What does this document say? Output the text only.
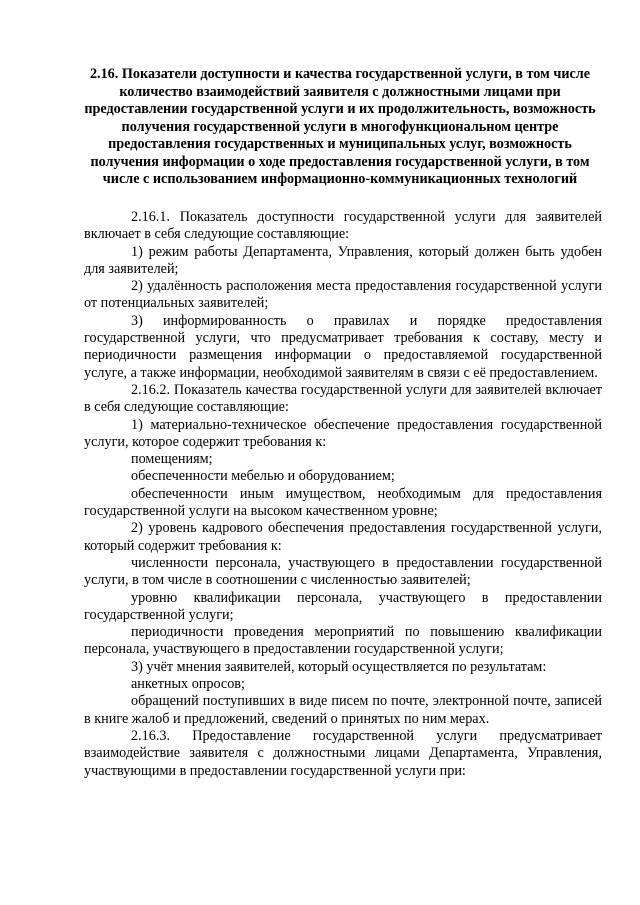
2.16. Показатели доступности и качества государственной услуги, в том числе количество взаимодействий заявителя с должностными лицами при предоставлении государственной услуги и их продолжительность, возможность получения государственной услуги в многофункциональном центре предоставления государственных и муниципальных услуг, возможность получения информации о ходе предоставления государственной услуги, в том числе с использованием информационно-коммуникационных технологий

2.16.1. Показатель доступности государственной услуги для заявителей включает в себя следующие составляющие:

1) режим работы Департамента, Управления, который должен быть удобен для заявителей;

2) удалённость расположения места предоставления государственной услуги от потенциальных заявителей;

3) информированность о правилах и порядке предоставления государственной услуги, что предусматривает требования к составу, месту и периодичности размещения информации о предоставляемой государственной услуге, а также информации, необходимой заявителям в связи с её предоставлением.

2.16.2. Показатель качества государственной услуги для заявителей включает в себя следующие составляющие:

1) материально-техническое обеспечение предоставления государственной услуги, которое содержит требования к:

помещениям;

обеспеченности мебелью и оборудованием;

обеспеченности иным имуществом, необходимым для предоставления государственной услуги на высоком качественном уровне;

2) уровень кадрового обеспечения предоставления государственной услуги, который содержит требования к:

численности персонала, участвующего в предоставлении государственной услуги, в том числе в соотношении с численностью заявителей;

уровню квалификации персонала, участвующего в предоставлении государственной услуги;

периодичности проведения мероприятий по повышению квалификации персонала, участвующего в предоставлении государственной услуги;

3) учёт мнения заявителей, который осуществляется по результатам:

анкетных опросов;

обращений поступивших в виде писем по почте, электронной почте, записей в книге жалоб и предложений, сведений о принятых по ним мерах.

2.16.3. Предоставление государственной услуги предусматривает взаимодействие заявителя с должностными лицами Департамента, Управления, участвующими в предоставлении государственной услуги при:
